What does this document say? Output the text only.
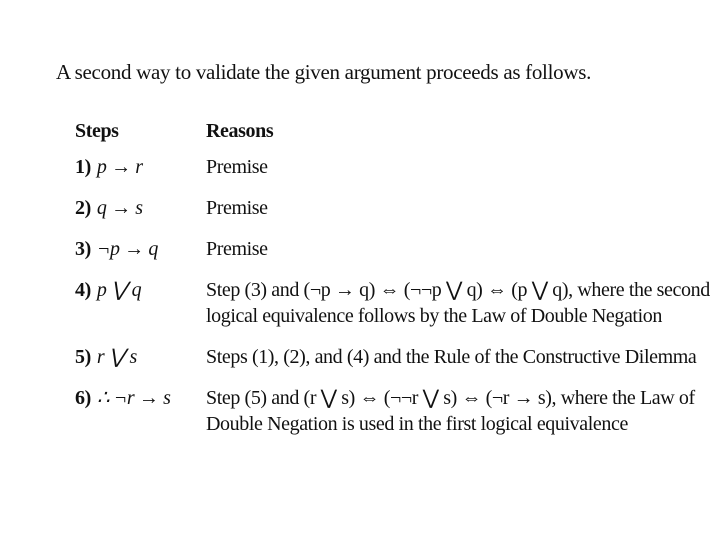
A second way to validate the given argument proceeds as follows.
Steps	Reasons
1) p → r	Premise
2) q → s	Premise
3) ¬p → q	Premise
4) p ⋁ q	Step (3) and (¬p → q) ⇔ (¬¬p ⋁ q) ⇔ (p ⋁ q), where the second logical equivalence follows by the Law of Double Negation
5) r ⋁ s	Steps (1), (2), and (4) and the Rule of the Constructive Dilemma
6) ∴ ¬r → s	Step (5) and (r ⋁ s) ⇔ (¬¬r ⋁ s) ⇔ (¬r → s), where the Law of Double Negation is used in the first logical equivalence
